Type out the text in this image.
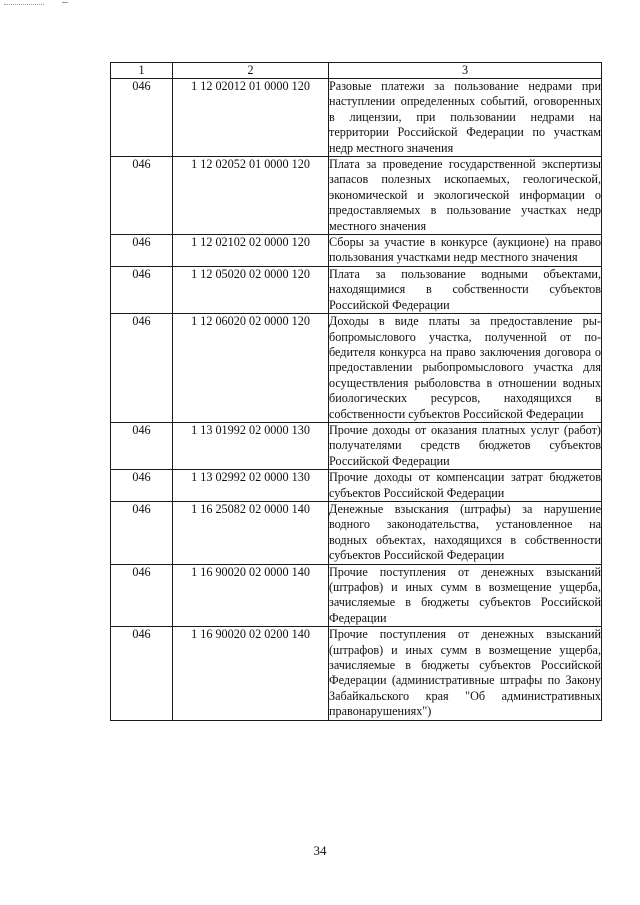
1	2	3
046	1 12 02012 01 0000 120	Разовые платежи за пользование недрами при наступлении определенных событий, оговоренных в лицензии, при пользовании недрами на территории Российской Федерации по участкам недр местного значения
046	1 12 02052 01 0000 120	Плата за проведение государственной экспертизы запасов полезных ископаемых, геологической, экономической и экологической информации о предоставляемых в пользование участках недр местного значения
046	1 12 02102 02 0000 120	Сборы за участие в конкурсе (аукционе) на право пользования участками недр местного значения
046	1 12 05020 02 0000 120	Плата за пользование водными объектами, находящимися в собственности субъектов Российской Федерации
046	1 12 06020 02 0000 120	Доходы в виде платы за предоставление рыбопромыслового участка, полученной от победителя конкурса на право заключения договора о предоставлении рыбопромыслового участка для осуществления рыболовства в отношении водных биологических ресурсов, находящихся в собственности субъектов Российской Федерации
046	1 13 01992 02 0000 130	Прочие доходы от оказания платных услуг (работ) получателями средств бюджетов субъектов Российской Федерации
046	1 13 02992 02 0000 130	Прочие доходы от компенсации затрат бюджетов субъектов Российской Федерации
046	1 16 25082 02 0000 140	Денежные взыскания (штрафы) за нарушение водного законодательства, установленное на водных объектах, находящихся в собственности субъектов Российской Федерации
046	1 16 90020 02 0000 140	Прочие поступления от денежных взысканий (штрафов) и иных сумм в возмещение ущерба, зачисляемые в бюджеты субъектов Российской Федерации
046	1 16 90020 02 0200 140	Прочие поступления от денежных взысканий (штрафов) и иных сумм в возмещение ущерба, зачисляемые в бюджеты субъектов Российской Федерации (административные штрафы по Закону Забайкальского края "Об административных правонарушениях")
34
